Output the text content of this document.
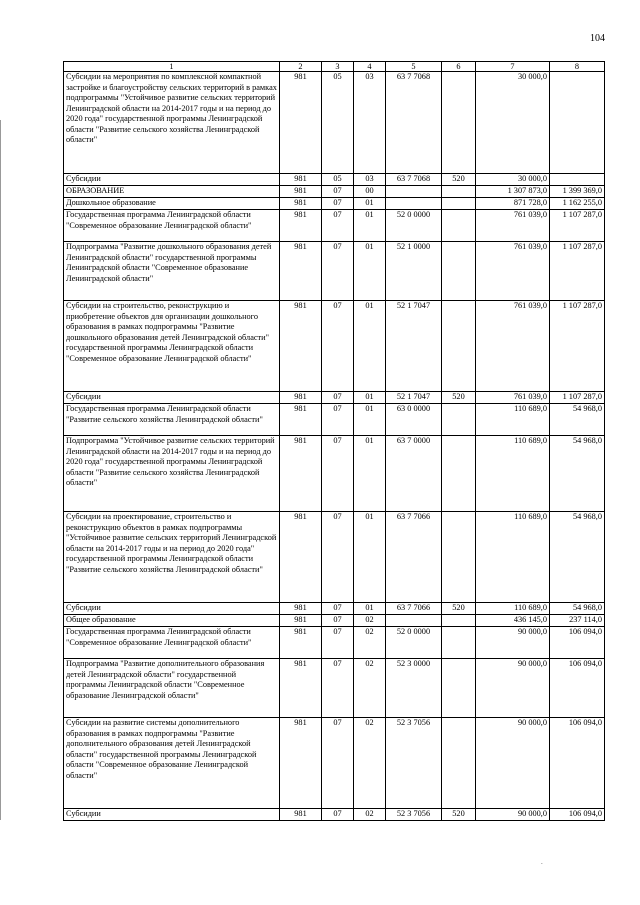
104
1	2	3	4	5	6	7	8
Субсидии на мероприятия по комплексной компактной застройке и благоустройству сельских территорий в рамках подпрограммы "Устойчивое развитие сельских территорий Ленинградской области на 2014-2017 годы и на период до 2020 года" государственной программы Ленинградской области "Развитие сельского хозяйства Ленинградской области"	981	05	03	63 7 7068		30 000,0	
Субсидии	981	05	03	63 7 7068	520	30 000,0	
ОБРАЗОВАНИЕ	981	07	00			1 307 873,0	1 399 369,0
Дошкольное образование	981	07	01			871 728,0	1 162 255,0
Государственная программа Ленинградской области "Современное образование Ленинградской области"	981	07	01	52 0 0000		761 039,0	1 107 287,0
Подпрограмма "Развитие дошкольного образования детей Ленинградской области" государственной программы Ленинградской области "Современное образование Ленинградской области"	981	07	01	52 1 0000		761 039,0	1 107 287,0
Субсидии на строительство, реконструкцию и приобретение объектов для организации дошкольного образования в рамках подпрограммы "Развитие дошкольного образования детей Ленинградской области" государственной программы Ленинградской области "Современное образование Ленинградской области"	981	07	01	52 1 7047		761 039,0	1 107 287,0
Субсидии	981	07	01	52 1 7047	520	761 039,0	1 107 287,0
Государственная программа Ленинградской области "Развитие сельского хозяйства Ленинградской области"	981	07	01	63 0 0000		110 689,0	54 968,0
Подпрограмма "Устойчивое развитие сельских территорий Ленинградской области на 2014-2017 годы и на период до 2020 года" государственной программы Ленинградской области "Развитие сельского хозяйства Ленинградской области"	981	07	01	63 7 0000		110 689,0	54 968,0
Субсидии на проектирование, строительство и реконструкцию объектов в рамках подпрограммы "Устойчивое развитие сельских территорий Ленинградской области на 2014-2017 годы и на период до 2020 года" государственной программы Ленинградской области "Развитие сельского хозяйства Ленинградской области"	981	07	01	63 7 7066		110 689,0	54 968,0
Субсидии	981	07	01	63 7 7066	520	110 689,0	54 968,0
Общее образование	981	07	02			436 145,0	237 114,0
Государственная программа Ленинградской области "Современное образование Ленинградской области"	981	07	02	52 0 0000		90 000,0	106 094,0
Подпрограмма "Развитие дополнительного образования детей Ленинградской области" государственной программы Ленинградской области "Современное образование Ленинградской области"	981	07	02	52 3 0000		90 000,0	106 094,0
Субсидии на развитие системы дополнительного образования в рамках подпрограммы "Развитие дополнительного образования детей Ленинградской области" государственной программы Ленинградской области "Современное образование Ленинградской области"	981	07	02	52 3 7056		90 000,0	106 094,0
Субсидии	981	07	02	52 3 7056	520	90 000,0	106 094,0
.
